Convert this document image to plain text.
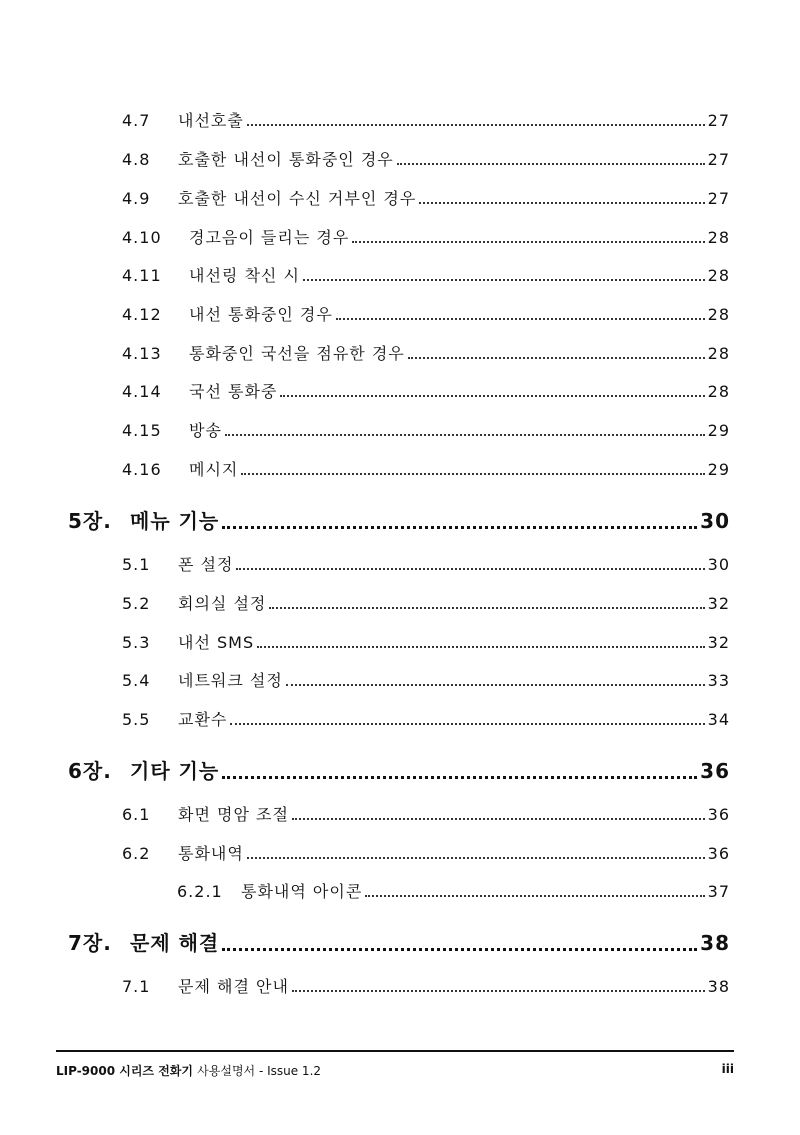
4.7	내선호출	27
4.8	호출한 내선이 통화중인 경우	27
4.9	호출한 내선이 수신 거부인 경우	27
4.10	경고음이 들리는 경우	28
4.11	내선링 착신 시	28
4.12	내선 통화중인 경우	28
4.13	통화중인 국선을 점유한 경우	28
4.14	국선 통화중	28
4.15	방송	29
4.16	메시지	29
5장. 메뉴 기능	30
5.1	폰 설정	30
5.2	회의실 설정	32
5.3	내선 SMS	32
5.4	네트워크 설정	33
5.5	교환수	34
6장. 기타 기능	36
6.1	화면 명암 조절	36
6.2	통화내역	36
6.2.1	통화내역 아이콘	37
7장. 문제 해결	38
7.1	문제 해결 안내	38
LIP-9000 시리즈 전화기 사용설명서 - Issue 1.2	iii
